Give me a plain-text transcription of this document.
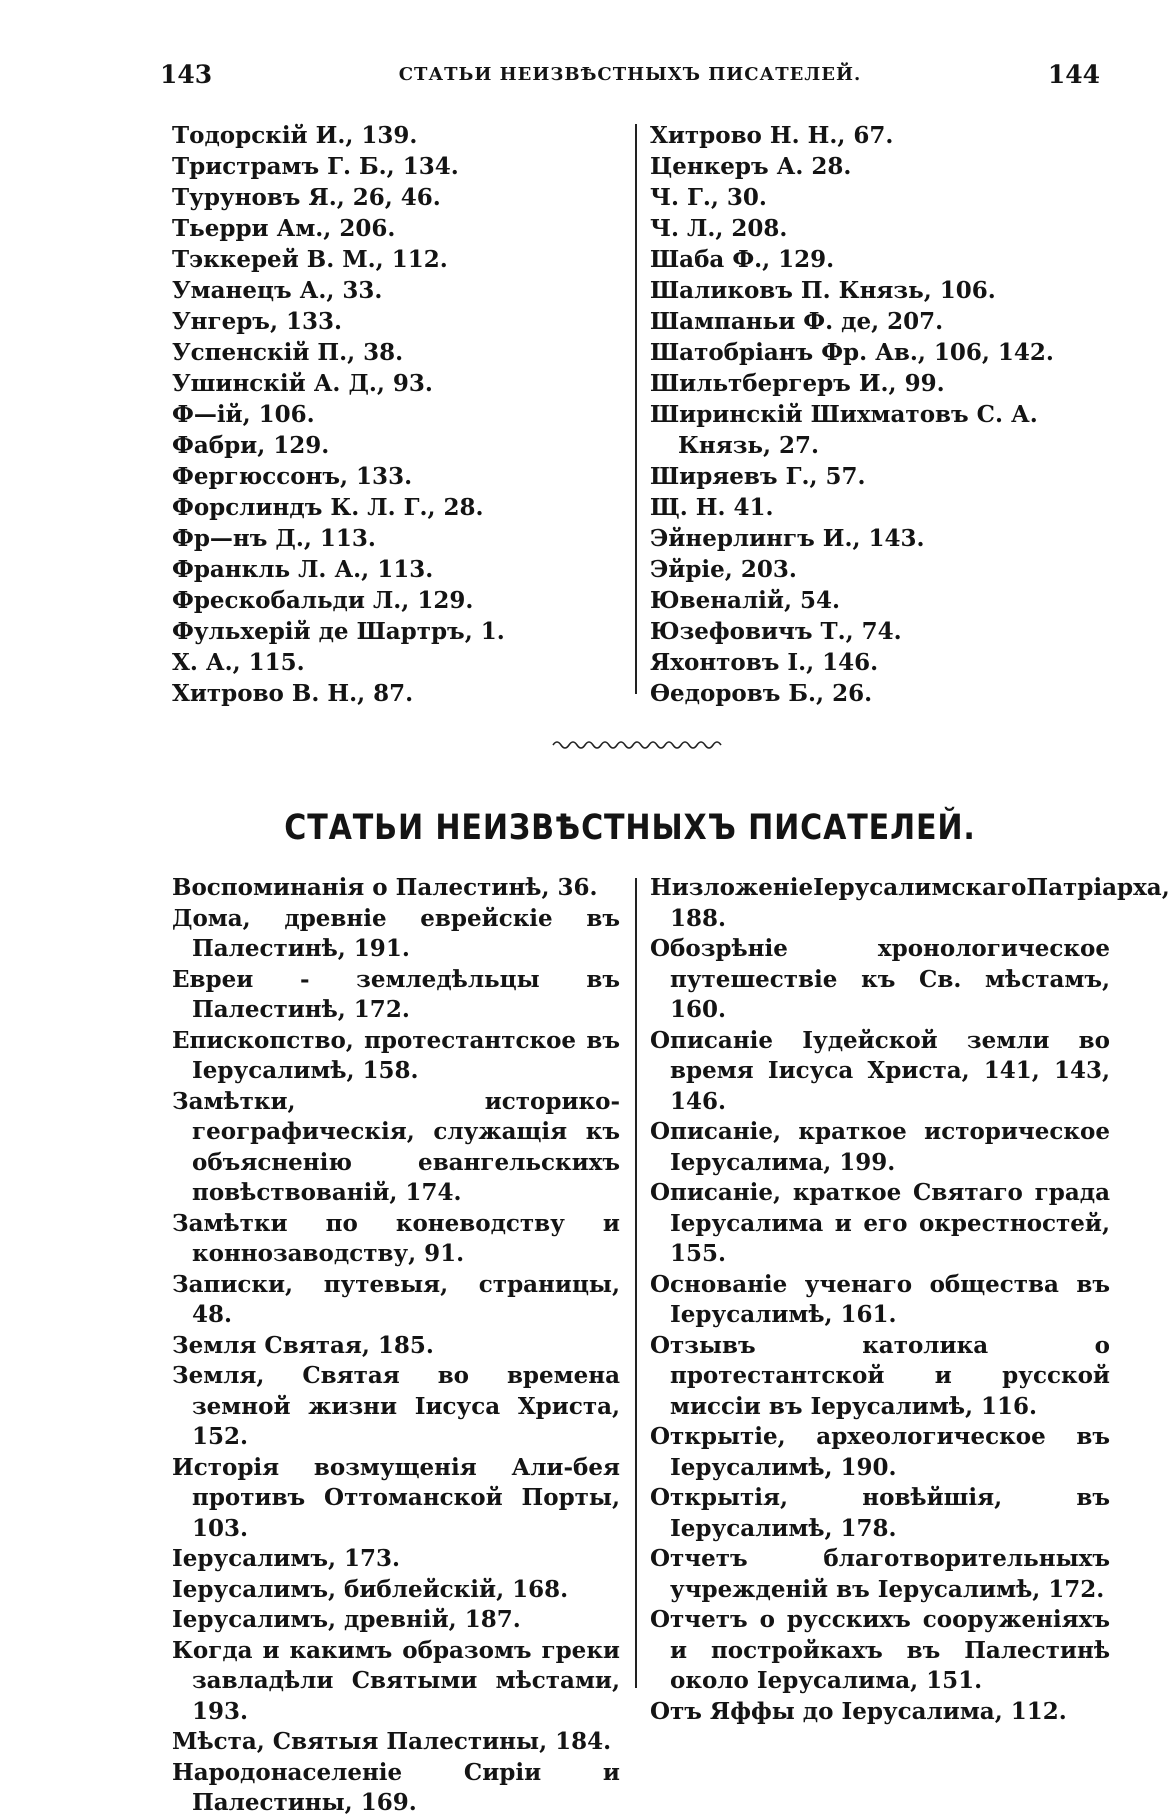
143	СТАТЬИ НЕИЗВѢСТНЫХЪ ПИСАТЕЛЕЙ.	144
Тодорскій И., 139.
Тристрамъ Г. Б., 134.
Туруновъ Я., 26, 46.
Тьерри Ам., 206.
Тэккерей В. М., 112.
Уманецъ А., 33.
Унгеръ, 133.
Успенскій П., 38.
Ушинскій А. Д., 93.
Ф—ій, 106.
Фабри, 129.
Фергюссонъ, 133.
Форслиндъ К. Л. Г., 28.
Фр—нъ Д., 113.
Франкль Л. А., 113.
Фрескобальди Л., 129.
Фульхерій де Шартръ, 1.
Х. А., 115.
Хитрово В. Н., 87.
Хитрово Н. Н., 67.
Ценкеръ А. 28.
Ч. Г., 30.
Ч. Л., 208.
Шаба Ф., 129.
Шаликовъ П. Князь, 106.
Шампаньи Ф. де, 207.
Шатобріанъ Фр. Ав., 106, 142.
Шильтбергеръ И., 99.
Ширинскій Шихматовъ С. А. Князь, 27.
Ширяевъ Г., 57.
Щ. Н. 41.
Эйнерлингъ И., 143.
Эйріе, 203.
Ювеналій, 54.
Юзефовичъ Т., 74.
Яхонтовъ І., 146.
Өедоровъ Б., 26.
СТАТЬИ НЕИЗВѢСТНЫХЪ ПИСАТЕЛЕЙ.
Воспоминанія о Палестинѣ, 36.
Дома, древніе еврейскіе въ Палестинѣ, 191.
Евреи - земледѣльцы въ Палестинѣ, 172.
Епископство, протестантское въ Іерусалимѣ, 158.
Замѣтки, историко-географическія, служащія къ объясненію евангельскихъ повѣствованій, 174.
Замѣтки по коневодству и коннозаводству, 91.
Записки, путевыя, страницы, 48.
Земля Святая, 185.
Земля, Святая во времена земной жизни Іисуса Христа, 152.
Исторія возмущенія Али-бея противъ Оттоманской Порты, 103.
Іерусалимъ, 173.
Іерусалимъ, библейскій, 168.
Іерусалимъ, древній, 187.
Когда и какимъ образомъ греки завладѣли Святыми мѣстами, 193.
Мѣста, Святыя Палестины, 184.
Народонаселеніе Сиріи и Палестины, 169.
НизложеніеІерусалимскагоПатріарха, 188.
Обозрѣніе хронологическое путешествіе къ Св. мѣстамъ, 160.
Описаніе Іудейской земли во время Іисуса Христа, 141, 143, 146.
Описаніе, краткое историческое Іерусалима, 199.
Описаніе, краткое Святаго града Іерусалима и его окрестностей, 155.
Основаніе ученаго общества въ Іерусалимѣ, 161.
Отзывъ католика о протестантской и русской миссіи въ Іерусалимѣ, 116.
Открытіе, археологическое въ Іерусалимѣ, 190.
Открытія, новѣйшія, въ Іерусалимѣ, 178.
Отчетъ благотворительныхъ учрежденій въ Іерусалимѣ, 172.
Отчетъ о русскихъ сооруженіяхъ и постройкахъ въ Палестинѣ около Іерусалима, 151.
Отъ Яффы до Іерусалима, 112.
